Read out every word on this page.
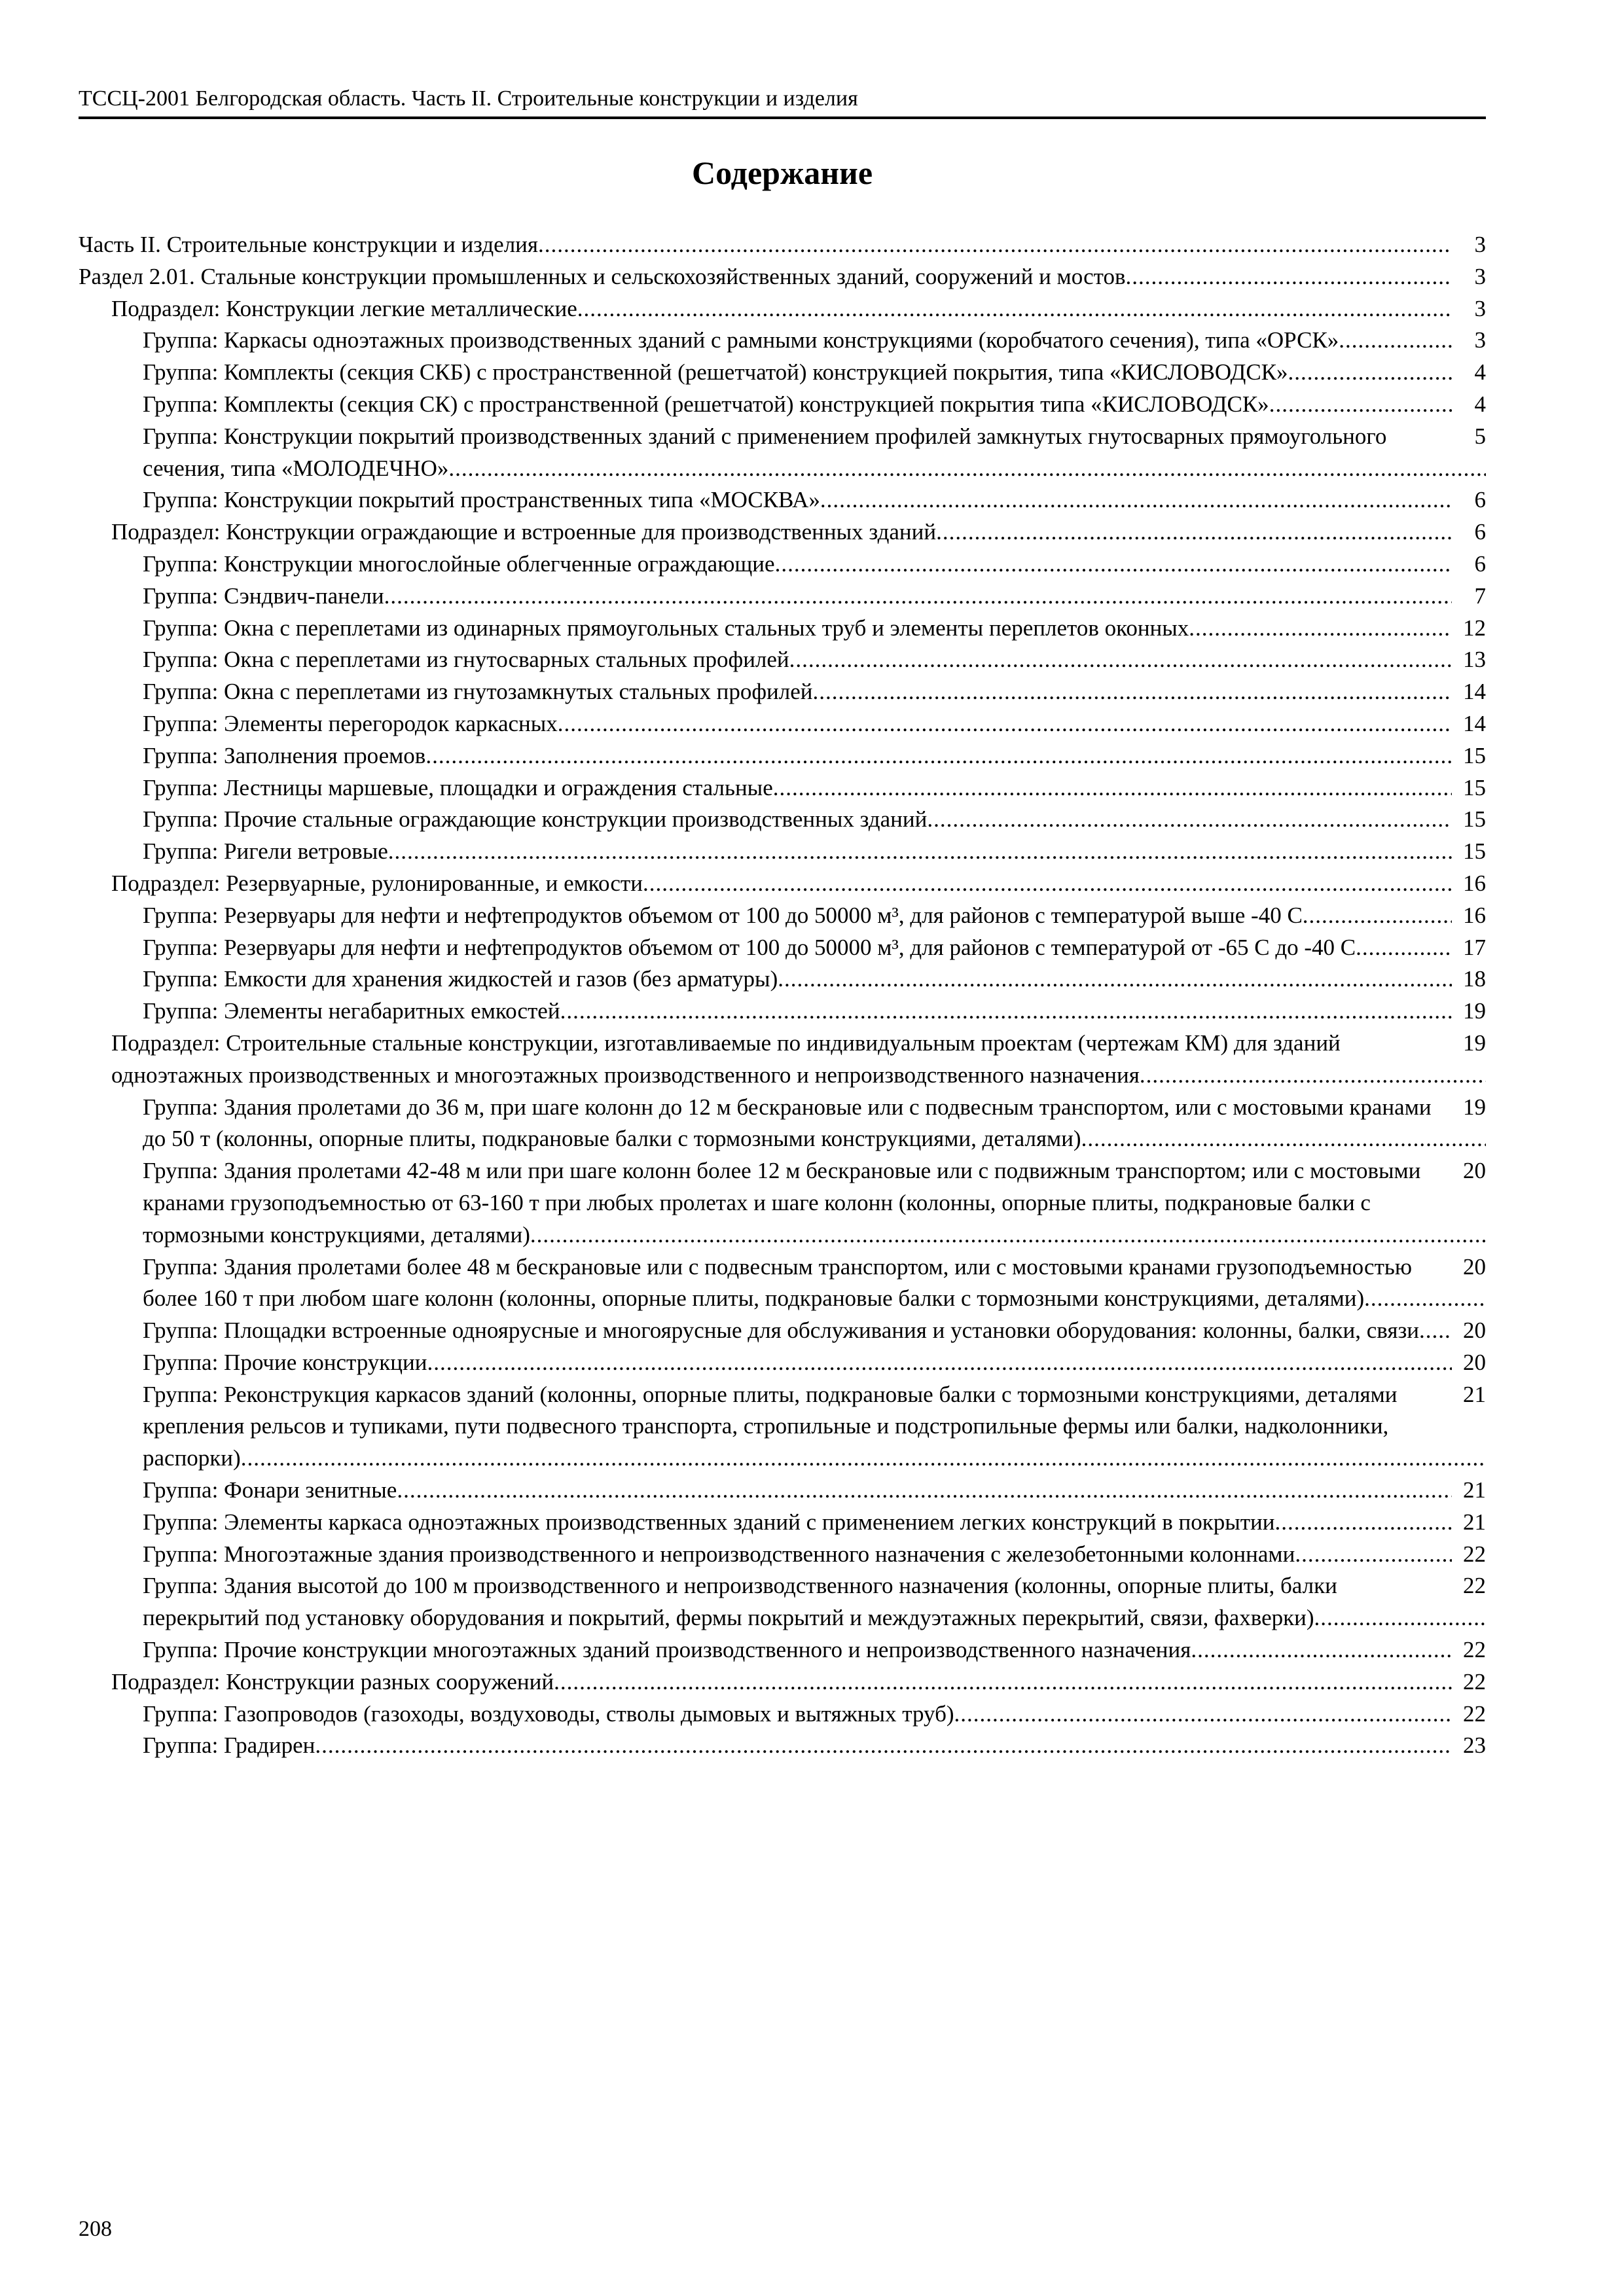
ТССЦ-2001 Белгородская область. Часть II. Строительные конструкции и изделия
Содержание
3
Часть II. Строительные конструкции и изделия .....
3
Раздел 2.01. Стальные конструкции промышленных и сельскохозяйственных зданий, сооружений и мостов .....
3
Подраздел: Конструкции легкие металлические .....
3
Группа: Каркасы одноэтажных производственных зданий с рамными конструкциями (коробчатого сечения), типа «ОРСК» .....
4
Группа: Комплекты (секция СКБ) с пространственной (решетчатой) конструкцией покрытия, типа «КИСЛОВОДСК» .....
4
Группа: Комплекты (секция СК) с пространственной (решетчатой) конструкцией покрытия типа «КИСЛОВОДСК» .....
5
Группа: Конструкции покрытий производственных зданий с применением профилей замкнутых гнутосварных прямоугольного сечения, типа «МОЛОДЕЧНО» .....
6
Группа: Конструкции покрытий пространственных типа «МОСКВА» .....
6
Подраздел: Конструкции ограждающие и встроенные для производственных зданий .....
6
Группа: Конструкции многослойные облегченные ограждающие .....
7
Группа: Сэндвич-панели .....
12
Группа: Окна с переплетами из одинарных прямоугольных стальных труб и элементы переплетов оконных .....
13
Группа: Окна с переплетами из гнутосварных стальных профилей .....
14
Группа: Окна с переплетами из гнутозамкнутых стальных профилей .....
14
Группа: Элементы перегородок каркасных .....
15
Группа: Заполнения проемов .....
15
Группа: Лестницы маршевые, площадки и ограждения стальные .....
15
Группа: Прочие стальные ограждающие конструкции производственных зданий .....
15
Группа: Ригели ветровые .....
16
Подраздел: Резервуарные, рулонированные, и емкости .....
16
Группа: Резервуары для нефти и нефтепродуктов объемом от 100 до 50000 м³, для районов с температурой выше -40 С .....
17
Группа: Резервуары для нефти и нефтепродуктов объемом от 100 до 50000 м³, для районов с температурой от -65 С до -40 С .....
18
Группа: Емкости для хранения жидкостей и газов (без арматуры) .....
19
Группа: Элементы негабаритных емкостей .....
19
Подраздел: Строительные стальные конструкции, изготавливаемые по индивидуальным проектам (чертежам КМ) для зданий одноэтажных производственных и многоэтажных производственного и непроизводственного назначения .....
19
Группа: Здания пролетами до 36 м, при шаге колонн до 12 м бескрановые или с подвесным транспортом, или с мостовыми кранами до 50 т (колонны, опорные плиты, подкрановые балки с тормозными конструкциями, деталями) .....
20
Группа: Здания пролетами 42-48 м или при шаге колонн более 12 м бескрановые или с подвижным транспортом; или с мостовыми кранами грузоподъемностью от 63-160 т при любых пролетах и шаге колонн (колонны, опорные плиты, подкрановые балки с тормозными конструкциями, деталями) .....
20
Группа: Здания пролетами более 48 м бескрановые или с подвесным транспортом, или с мостовыми кранами грузоподъемностью более 160 т при любом шаге колонн (колонны, опорные плиты, подкрановые балки с тормозными конструкциями, деталями) .....
20
Группа: Площадки встроенные одноярусные и многоярусные для обслуживания и установки оборудования: колонны, балки, связи .....
20
Группа: Прочие конструкции .....
21
Группа: Реконструкция каркасов зданий (колонны, опорные плиты, подкрановые балки с тормозными конструкциями, деталями крепления рельсов и тупиками, пути подвесного транспорта, стропильные и подстропильные фермы или балки, надколонники, распорки) .....
21
Группа: Фонари зенитные .....
21
Группа: Элементы каркаса одноэтажных производственных зданий с применением легких конструкций в покрытии .....
22
Группа: Многоэтажные здания производственного и непроизводственного назначения с железобетонными колоннами .....
22
Группа: Здания высотой до 100 м производственного и непроизводственного назначения (колонны, опорные плиты, балки перекрытий под установку оборудования и покрытий, фермы покрытий и междуэтажных перекрытий, связи, фахверки) .....
22
Группа: Прочие конструкции многоэтажных зданий производственного и непроизводственного назначения .....
22
Подраздел: Конструкции разных сооружений .....
22
Группа: Газопроводов (газоходы, воздуховоды, стволы дымовых и вытяжных труб) .....
23
Группа: Градирен .....
208
